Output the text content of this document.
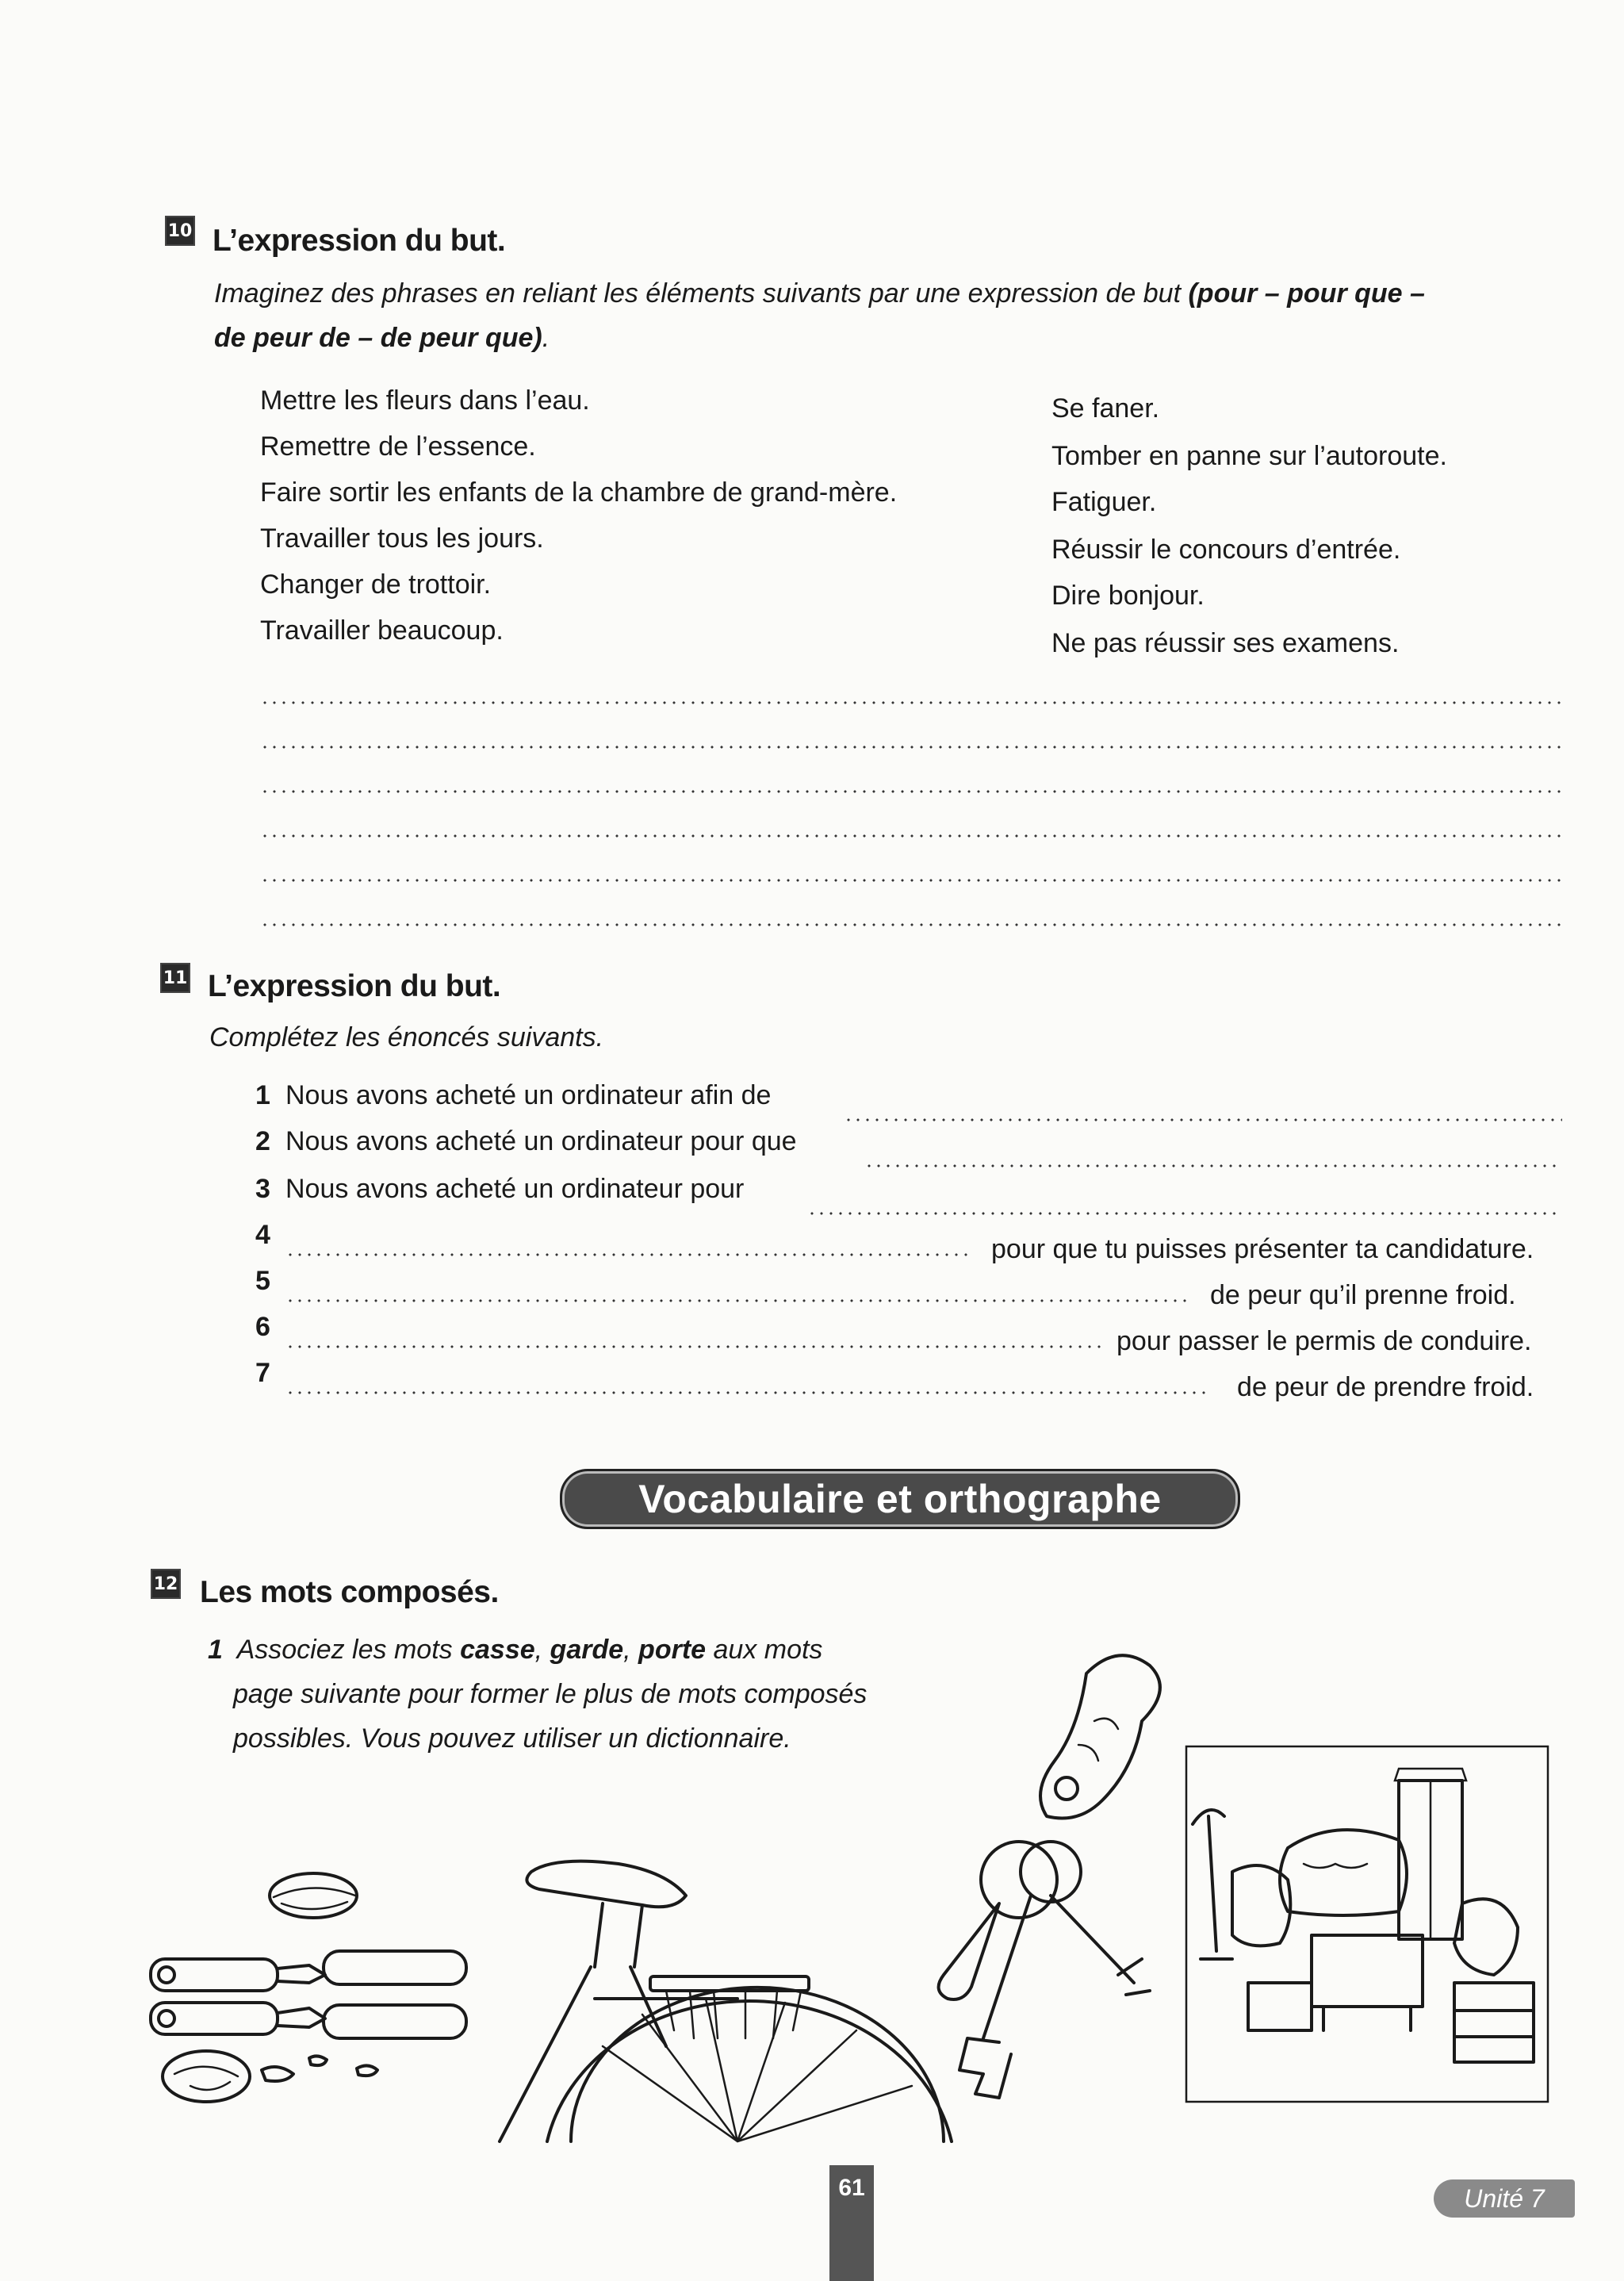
10 L’expression du but.
Imaginez des phrases en reliant les éléments suivants par une expression de but (pour – pour que –
de peur de – de peur que).
Mettre les fleurs dans l’eau.
Remettre de l’essence.
Faire sortir les enfants de la chambre de grand-mère.
Travailler tous les jours.
Changer de trottoir.
Travailler beaucoup.
Se faner.
Tomber en panne sur l’autoroute.
Fatiguer.
Réussir le concours d’entrée.
Dire bonjour.
Ne pas réussir ses examens.
11 L’expression du but.
Complétez les énoncés suivants.
1 Nous avons acheté un ordinateur afin de
2 Nous avons acheté un ordinateur pour que
3 Nous avons acheté un ordinateur pour
4	pour que tu puisses présenter ta candidature.
5	de peur qu’il prenne froid.
6	pour passer le permis de conduire.
7	de peur de prendre froid.
Vocabulaire et orthographe
12 Les mots composés.
1 Associez les mots casse, garde, porte aux mots
page suivante pour former le plus de mots composés
possibles. Vous pouvez utiliser un dictionnaire.
61	Unité 7
